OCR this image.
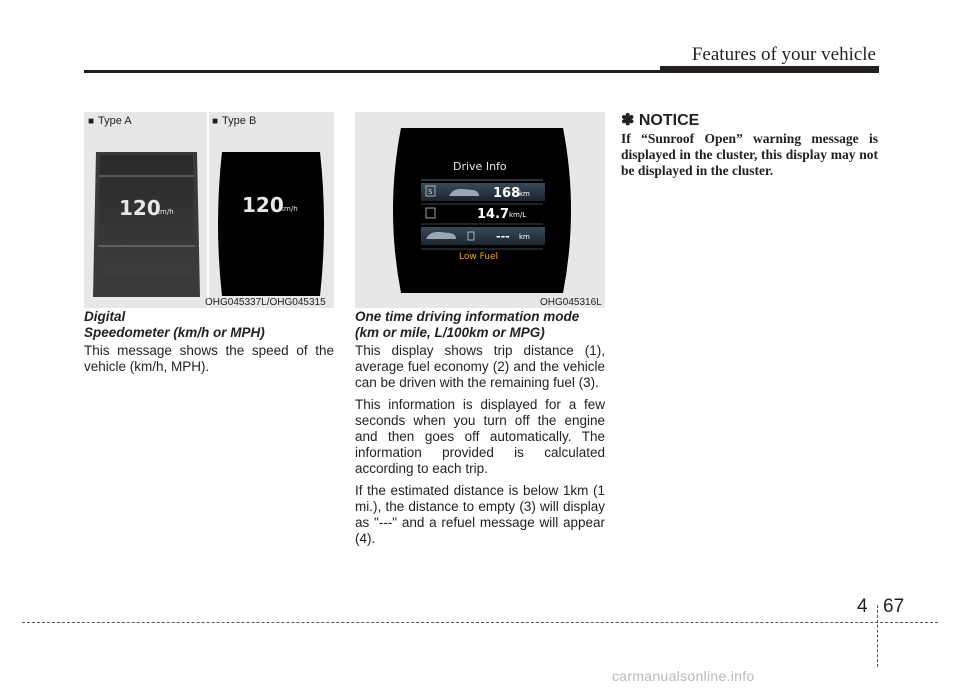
Features of your vehicle
■ Type A	■ Type B
120
km/h	120
km/h
OHG045337L/OHG045315
Drive Info
S	168
km
14.7 km/L
--- km
Low Fuel
OHG045316L
Digital
Speedometer (km/h or MPH)

This message shows the speed of the vehicle (km/h, MPH).

One time driving information mode
(km or mile, L/100km or MPG)

This display shows trip distance (1), average fuel economy (2) and the vehicle can be driven with the remaining fuel (3).

This information is displayed for a few seconds when you turn off the engine and then goes off automatically. The information provided is calculated according to each trip.

If the estimated distance is below 1km (1 mi.), the distance to empty (3) will display as "---" and a refuel message will appear (4).

✽ NOTICE
If “Sunroof Open” warning message is displayed in the cluster, this display may not be displayed in the cluster.
4 67
carmanualsonline.info
